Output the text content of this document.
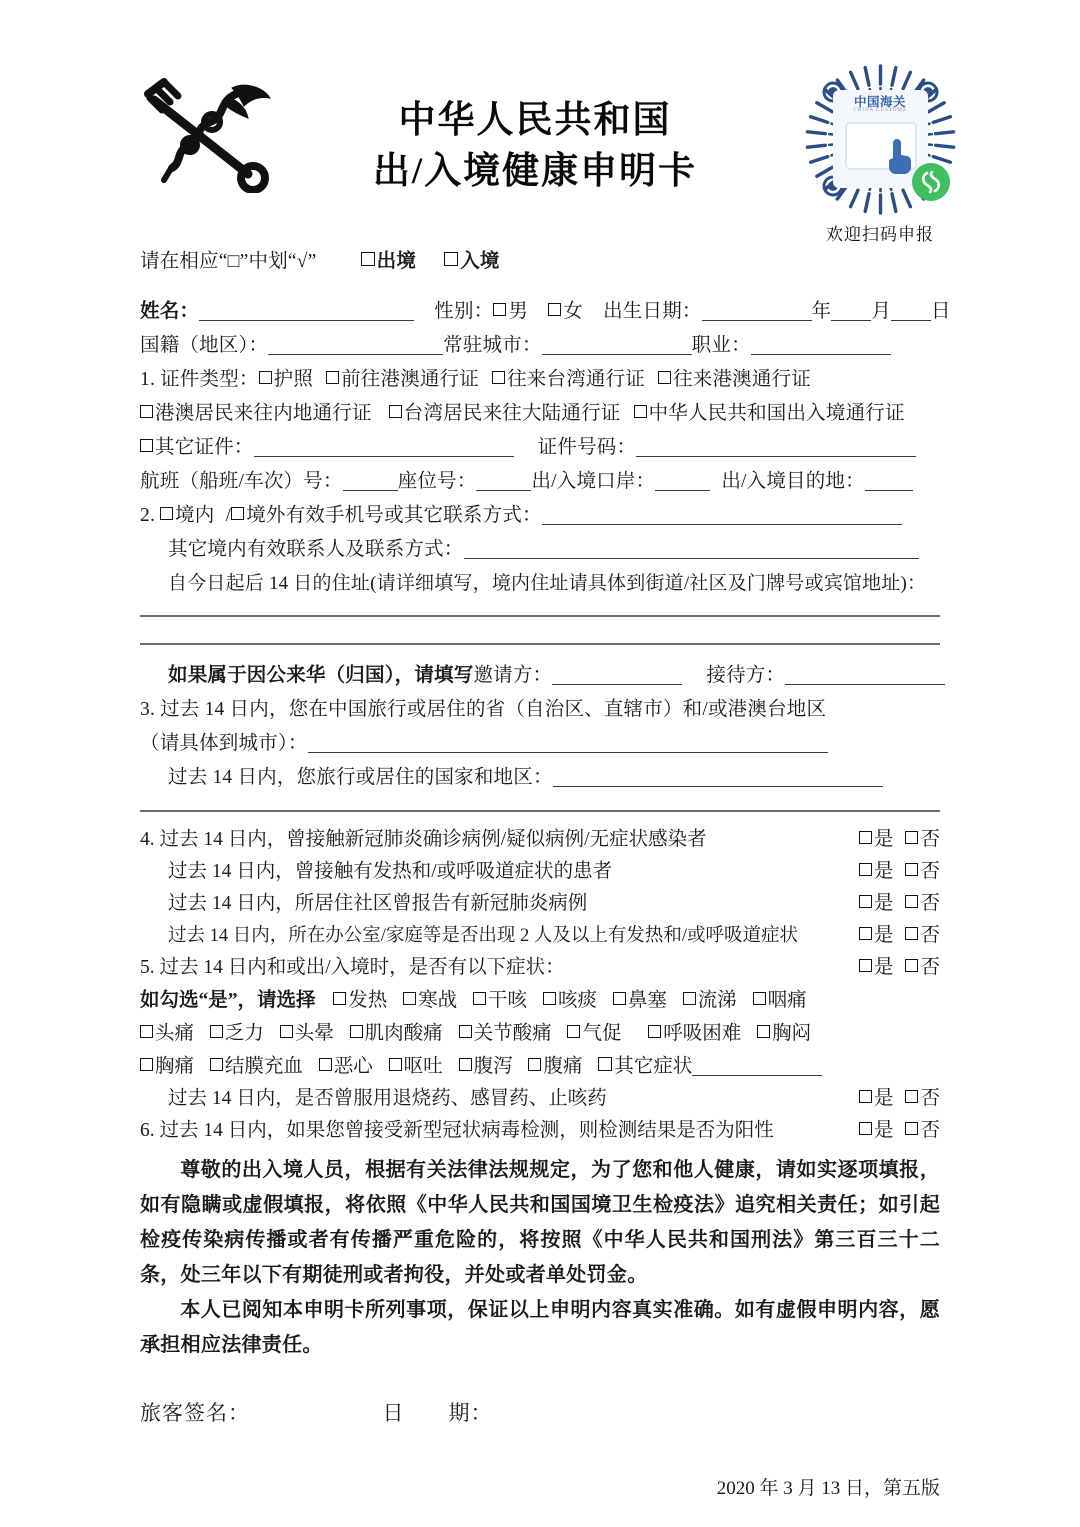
中华人民共和国
出/入境健康申明卡
中国海关
CHINA CUSTOMS
欢迎扫码申报
请在相应“□”中划“√”	出境 入境
姓名：	性别： 男 女 出生日期：	年 月 日
国籍（地区）：	常驻城市：	职业：
1. 证件类型： 护照 前往港澳通行证 往来台湾通行证 往来港澳通行证
港澳居民来往内地通行证 台湾居民来往大陆通行证 中华人民共和国出入境通行证
其它证件：	证件号码：
航班（船班/车次）号：	座位号：	出/入境口岸：	出/入境目的地：
2. 境内 / 境外有效手机号或其它联系方式：
其它境内有效联系人及联系方式：
自今日起后 14 日的住址(请详细填写，境内住址请具体到街道/社区及门牌号或宾馆地址)：
如果属于因公来华（归国），请填写邀请方：	接待方：
3. 过去 14 日内，您在中国旅行或居住的省（自治区、直辖市）和/或港澳台地区
（请具体到城市）：
过去 14 日内，您旅行或居住的国家和地区：
4. 过去 14 日内，曾接触新冠肺炎确诊病例/疑似病例/无症状感染者	是 否
过去 14 日内，曾接触有发热和/或呼吸道症状的患者	是 否
过去 14 日内，所居住社区曾报告有新冠肺炎病例	是 否
过去 14 日内，所在办公室/家庭等是否出现 2 人及以上有发热和/或呼吸道症状	是 否
5. 过去 14 日内和或出/入境时，是否有以下症状：	是 否
如勾选“是”，请选择 发热 寒战 干咳 咳痰 鼻塞 流涕 咽痛
头痛 乏力 头晕 肌肉酸痛 关节酸痛 气促 呼吸困难 胸闷
胸痛 结膜充血 恶心 呕吐 腹泻 腹痛 其它症状
过去 14 日内，是否曾服用退烧药、感冒药、止咳药	是 否
6. 过去 14 日内，如果您曾接受新型冠状病毒检测，则检测结果是否为阳性	是 否
尊敬的出入境人员，根据有关法律法规规定，为了您和他人健康，请如实逐项填报，如有隐瞒或虚假填报，将依照《中华人民共和国国境卫生检疫法》追究相关责任；如引起检疫传染病传播或者有传播严重危险的，将按照《中华人民共和国刑法》第三百三十二条，处三年以下有期徒刑或者拘役，并处或者单处罚金。
本人已阅知本申明卡所列事项，保证以上申明内容真实准确。如有虚假申明内容，愿承担相应法律责任。
旅客签名：	日　　期：
2020 年 3 月 13 日，第五版
